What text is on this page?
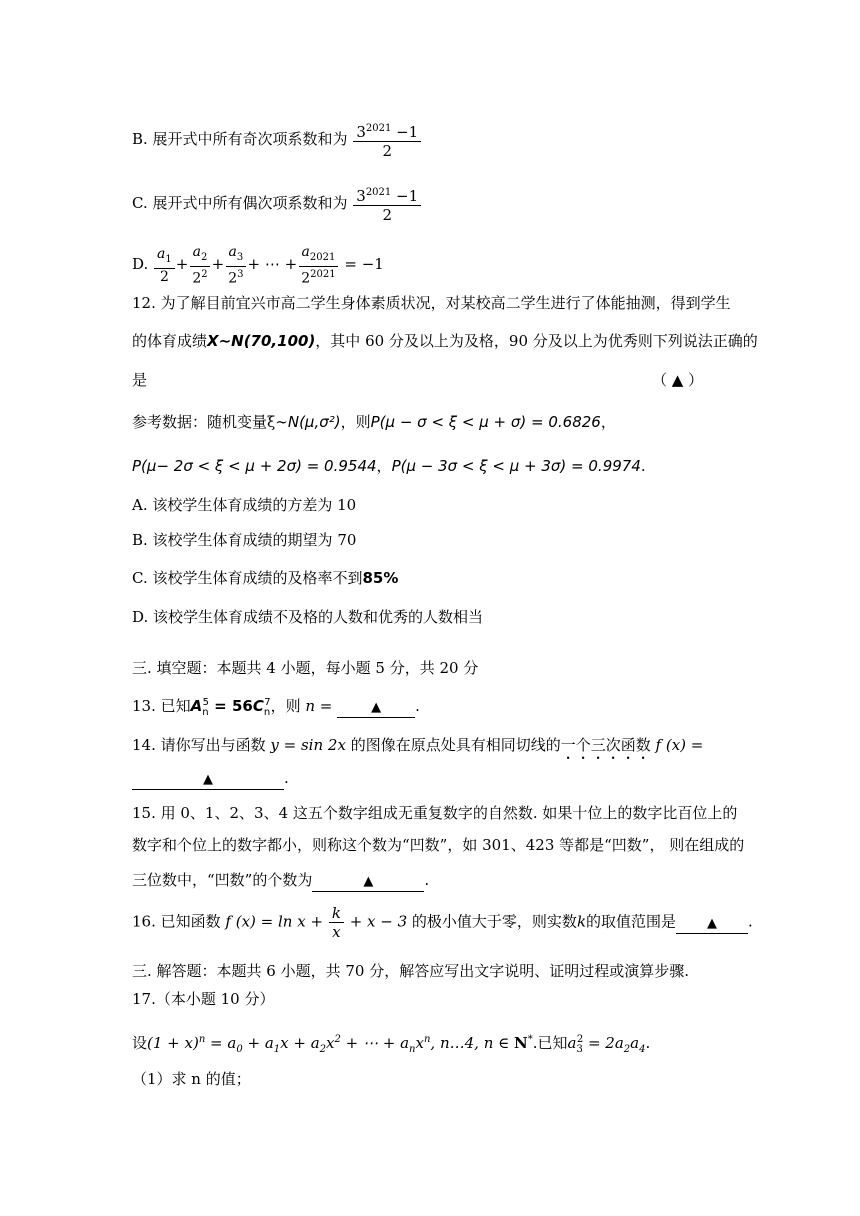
B. 展开式中所有奇次项系数和为 $\frac{3^{2021} -1}{2}$
C. 展开式中所有偶次项系数和为 $\frac{3^{2021} -1}{2}$
D. $\frac{a_1}{2} + \frac{a_2}{2^2} + \frac{a_3}{2^3}$ + ⋯ + $\frac{a_{2021}}{2^{2021}} = -1$
12. 为了解目前宜兴市高二学生身体素质状况，对某校高二学生进行了体能抽测，得到学生
的体育成绩X∼N(70,100)，其中 60 分及以上为及格，90 分及以上为优秀则下列说法正确的
是	（ ▲ ）
参考数据：随机变量ξ∼N(μ,σ²)，则P(μ − σ < ξ < μ + σ) = 0.6826，
P(μ− 2σ < ξ < μ + 2σ) = 0.9544，P(μ − 3σ < ξ < μ + 3σ) = 0.9974.
A. 该校学生体育成绩的方差为 10
B. 该校学生体育成绩的期望为 70
C. 该校学生体育成绩的及格率不到85%
D. 该校学生体育成绩不及格的人数和优秀的人数相当
三. 填空题：本题共 4 小题，每小题 5 分，共 20 分
13. 已知$A_n^5 = 56C_n^7$，则 n =	▲ .
14. 请你写出与函数 y = sin 2x 的图像在原点处具有相同切线的一个三次函数 f (x) =
▲	.
15. 用 0、1、2、3、4 这五个数字组成无重复数字的自然数. 如果十位上的数字比百位上的
数字和个位上的数字都小，则称这个数为“凹数”，如 301、423 等都是“凹数”， 则在组成的
三位数中，“凹数”的个数为	▲	.
16. 已知函数 f $(x) = \ln x + \frac{k}{x} + x - 3$ 的极小值大于零，则实数k的取值范围是 ▲ .
三. 解答题：本题共 6 小题，共 70 分，解答应写出文字说明、证明过程或演算步骤.
17.（本小题 10 分）
设$(1 + x)^n = a_0 + a_1x + a_2x^2$ + ⋯ + $a_nx^n$, n…4, n ∈ N*.已知$a_3^2 = 2a_2a_4$.
（1）求 n 的值；
